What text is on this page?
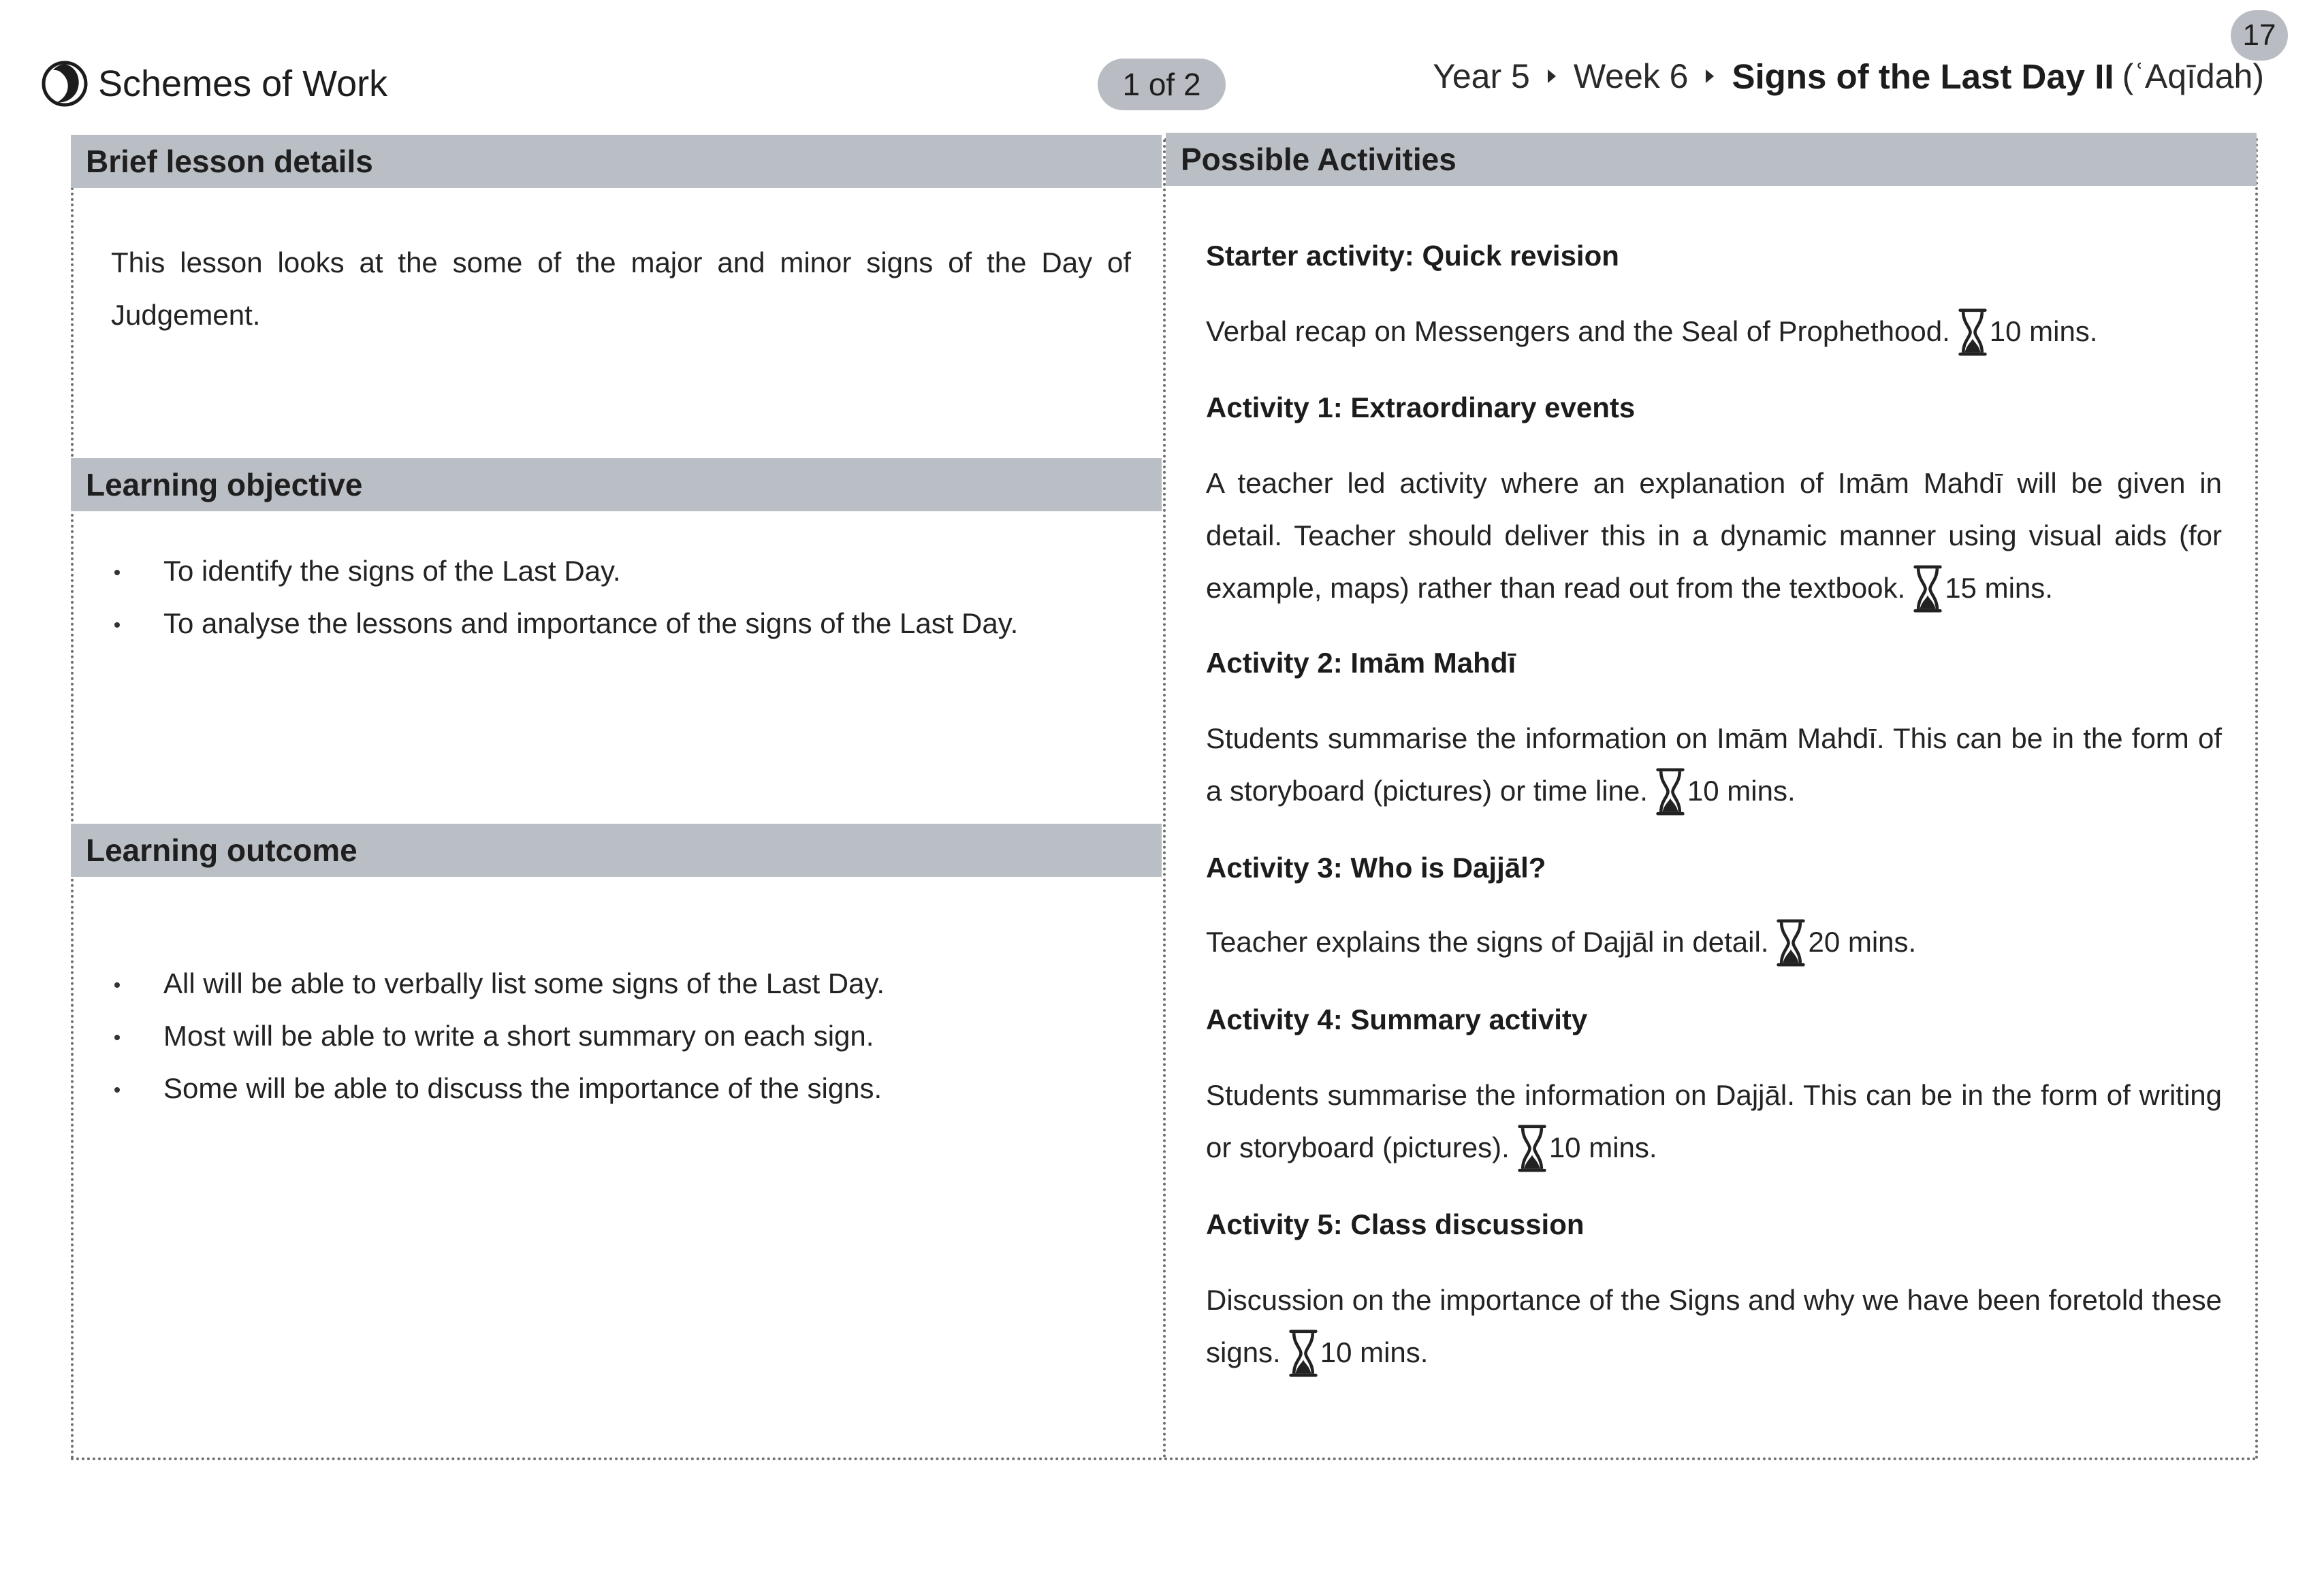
17
Schemes of Work	1 of 2	Year 5 Week 6 Signs of the Last Day II (ʿAqīdah)
Brief lesson details
This lesson looks at the some of the major and minor signs of the Day of Judgement.
Learning objective
To identify the signs of the Last Day.
To analyse the lessons and importance of the signs of the Last Day.
Learning outcome
All will be able to verbally list some signs of the Last Day.
Most will be able to write a short summary on each sign.
Some will be able to discuss the importance of the signs.
Possible Activities
Starter activity: Quick revision
Verbal recap on Messengers and the Seal of Prophethood. 10 mins.
Activity 1: Extraordinary events
A teacher led activity where an explanation of Imām Mahdī will be given in detail. Teacher should deliver this in a dynamic manner using visual aids (for example, maps) rather than read out from the textbook. 15 mins.
Activity 2: Imām Mahdī
Students summarise the information on Imām Mahdī. This can be in the form of a storyboard (pictures) or time line. 10 mins.
Activity 3: Who is Dajjāl?
Teacher explains the signs of Dajjāl in detail. 20 mins.
Activity 4: Summary activity
Students summarise the information on Dajjāl. This can be in the form of writing or storyboard (pictures). 10 mins.
Activity 5: Class discussion
Discussion on the importance of the Signs and why we have been foretold these signs. 10 mins.
